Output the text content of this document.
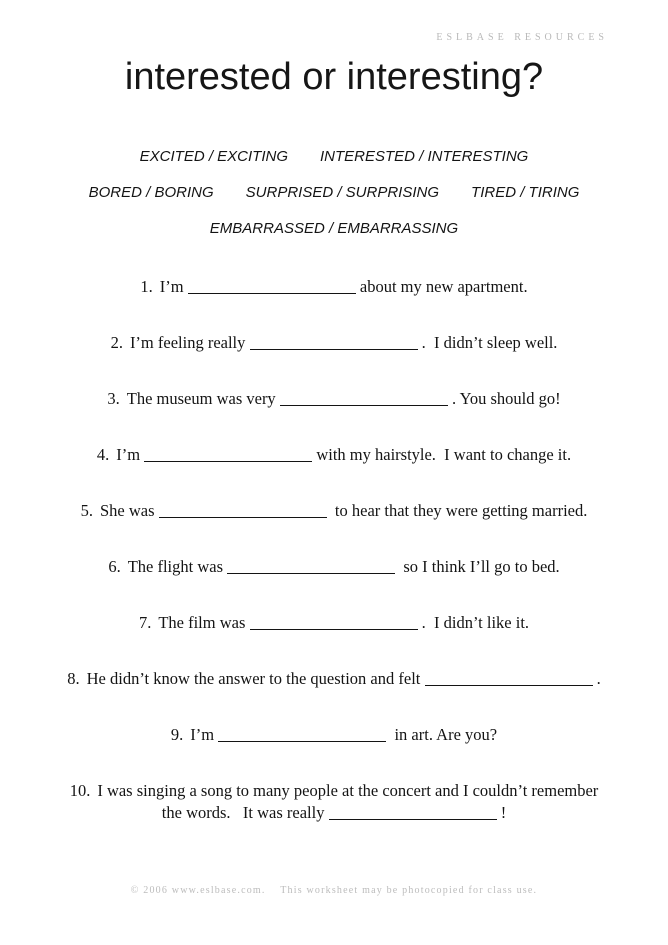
ESLBASE RESOURCES
interested or interesting?
EXCITED / EXCITING INTERESTED / INTERESTING
BORED / BORING SURPRISED / SURPRISING TIRED / TIRING
EMBARRASSED / EMBARRASSING
1. I’m	about my new apartment.
2. I’m feeling really	.  I didn’t sleep well.
3. The museum was very	. You should go!
4. I’m	with my hairstyle.  I want to change it.
5. She was	to hear that they were getting married.
6. The flight was	so I think I’ll go to bed.
7. The film was	.  I didn’t like it.
8. He didn’t know the answer to the question and felt	.
9. I’m	in art. Are you?
10. I was singing a song to many people at the concert and I couldn’t remember
the words.   It was really	!
© 2006 www.eslbase.com.    This worksheet may be photocopied for class use.
